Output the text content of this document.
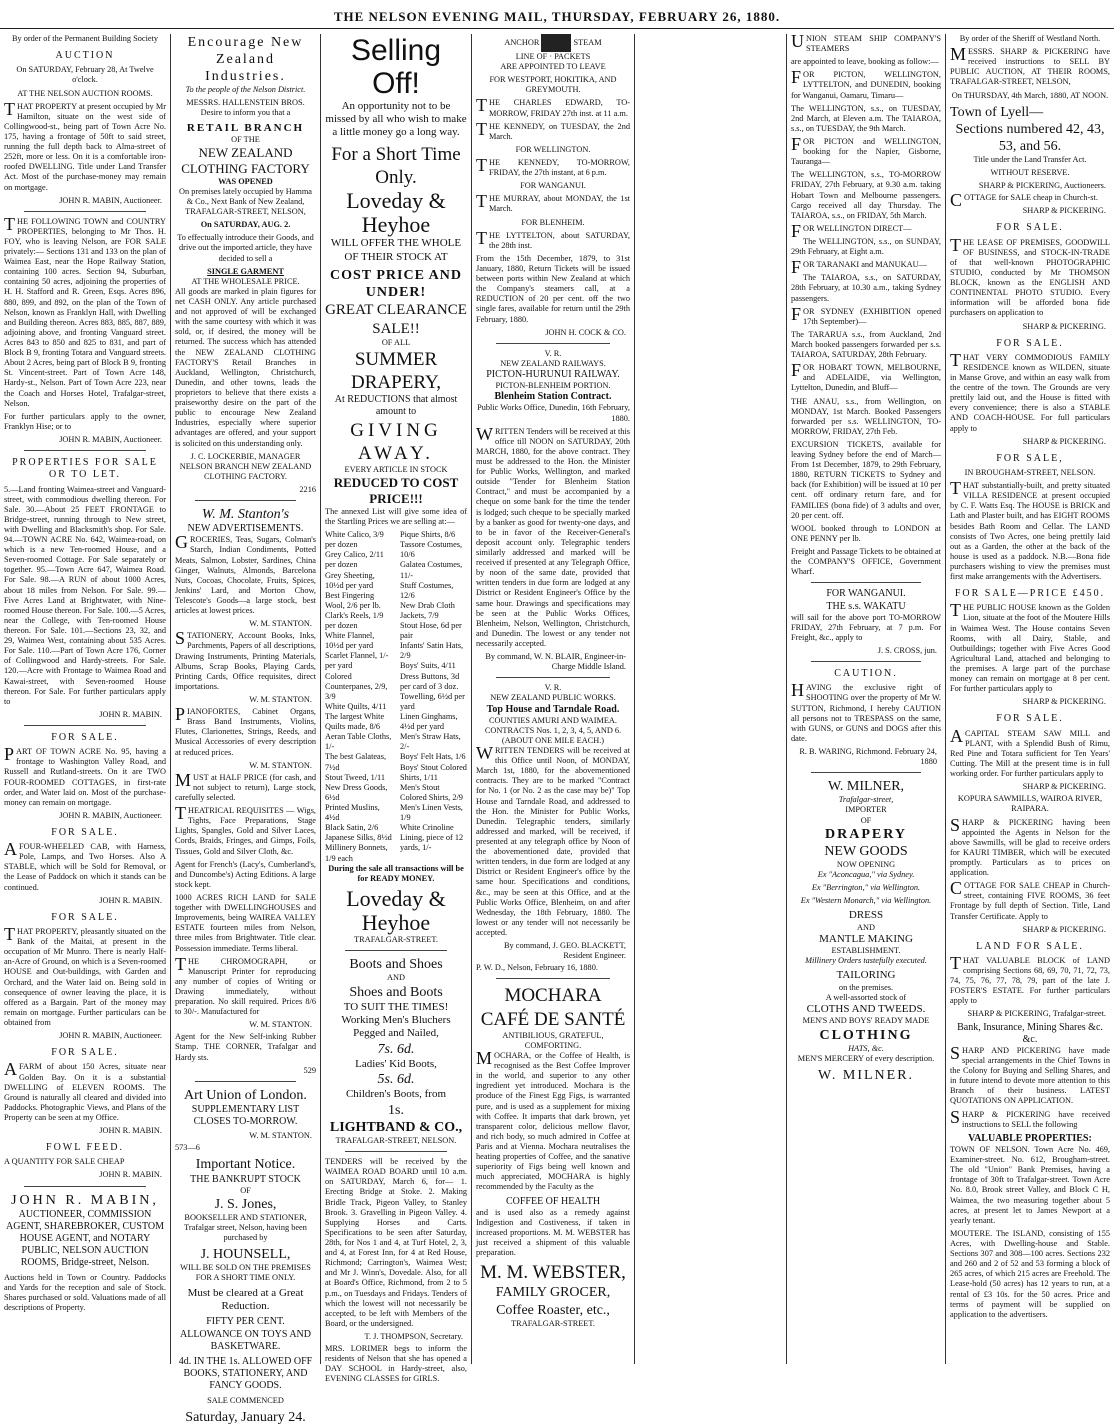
THE NELSON EVENING MAIL, THURSDAY, FEBRUARY 26, 1880.

By order of the Permanent Building Society

AUCTION

On SATURDAY, February 28, At Twelve o'clock.

AT THE NELSON AUCTION ROOMS.

THAT PROPERTY at present occupied by Mr Hamilton, situate on the west side of Collingwood-st., being part of Town Acre No. 175, having a frontage of 50ft to said street, running the full depth back to Alma-street of 252ft, more or less. On it is a comfortable iron-roofed DWELLING. Title under Land Transfer Act. Most of the purchase-money may remain on mortgage.

JOHN R. MABIN, Auctioneer.

THE FOLLOWING TOWN and COUNTRY PROPERTIES, belonging to Mr Thos. H. FOY, who is leaving Nelson, are FOR SALE privately:— Sections 131 and 133 on the plan of Waimea East, near the Hope Railway Station, containing 100 acres. Section 94, Suburban, containing 50 acres, adjoining the properties of H. H. Stafford and R. Green, Esqs. Acres 896, 880, 899, and 892, on the plan of the Town of Nelson, known as Franklyn Hall, with Dwelling and Building thereon. Acres 883, 885, 887, 889, adjoining above, and fronting Vanguard street. Acres 843 to 850 and 825 to 831, and part of Block B 9, fronting Totara and Vanguard streets. About 2 Acres, being part of Block B 9, fronting St. Vincent-street. Part of Town Acre 148, Hardy-st., Nelson. Part of Town Acre 223, near the Coach and Horses Hotel, Trafalgar-street, Nelson.

For further particulars apply to the owner, Franklyn Hise; or to

JOHN R. MABIN, Auctioneer.

PROPERTIES FOR SALE OR TO LET.

5.—Land fronting Waimea-street and Vanguard-street, with commodious dwelling thereon. For Sale. 30.—About 25 FEET FRONTAGE to Bridge-street, running through to New street, with Dwelling and Blacksmith's shop. For Sale. 94.—TOWN ACRE No. 642, Waimea-road, on which is a new Ten-roomed House, and a Seven-roomed Cottage. For Sale separately or together. 95.—Town Acre 647, Waimea Road. For Sale. 98.—A RUN of about 1000 Acres, about 18 miles from Nelson. For Sale. 99.—Five Acres Land at Brightwater, with Nine-roomed House thereon. For Sale. 100.—5 Acres, near the College, with Ten-roomed House thereon. For Sale. 101.—Sections 23, 32, and 29, Waimea West, containing about 535 Acres. For Sale. 110.—Part of Town Acre 176, Corner of Collingwood and Hardy-streets. For Sale. 120.—Acre with Frontage to Waimea Road and Kawai-street, with Seven-roomed House thereon. For Sale. For further particulars apply to

JOHN R. MABIN.

FOR SALE.

PART OF TOWN ACRE No. 95, having a frontage to Washington Valley Road, and Russell and Rutland-streets. On it are TWO FOUR-ROOMED COTTAGES, in first-rate order, and Water laid on. Most of the purchase-money can remain on mortgage.

JOHN R. MABIN, Auctioneer.

FOR SALE.

AFOUR-WHEELED CAB, with Harness, Pole, Lamps, and Two Horses. Also A STABLE, which will be Sold for Removal, or the Lease of Paddock on which it stands can be continued.

JOHN R. MABIN.

FOR SALE.

THAT PROPERTY, pleasantly situated on the Bank of the Maitai, at present in the occupation of Mr Munro. There is nearly Half-an-Acre of Ground, on which is a Seven-roomed HOUSE and Out-buildings, with Garden and Orchard, and the Water laid on. Being sold in consequence of owner leaving the place, it is offered as a Bargain. Part of the money may remain on mortgage. Further particulars can be obtained from

JOHN R. MABIN, Auctioneer.

FOR SALE.

AFARM of about 150 Acres, situate near Golden Bay. On it is a substantial DWELLING of ELEVEN ROOMS. The Ground is naturally all cleared and divided into Paddocks. Photographic Views, and Plans of the Property can be seen at my Office.

JOHN R. MABIN.

FOWL FEED.

A QUANTITY FOR SALE CHEAP

JOHN R. MABIN.

JOHN R. MABIN,

AUCTIONEER, COMMISSION AGENT, SHAREBROKER, CUSTOM HOUSE AGENT, and NOTARY PUBLIC, NELSON AUCTION ROOMS, Bridge-street, Nelson.

Auctions held in Town or Country. Paddocks and Yards for the reception and sale of Stock. Shares purchased or sold. Valuations made of all descriptions of Property.

Encourage New Zealand Industries.

To the people of the Nelson District.

MESSRS. HALLENSTEIN BROS. Desire to inform you that a

RETAIL BRANCH
OF THE
NEW ZEALAND CLOTHING FACTORY
WAS OPENED

On premises lately occupied by Hamma & Co., Next Bank of New Zealand, TRAFALGAR-STREET, NELSON,

On SATURDAY, AUG. 2.

To effectually introduce their Goods, and drive out the imported article, they have decided to sell a

SINGLE GARMENT
AT THE WHOLESALE PRICE.

All goods are marked in plain figures for net CASH ONLY. Any article purchased and not approved of will be exchanged with the same courtesy with which it was sold, or, if desired, the money will be returned. The success which has attended the NEW ZEALAND CLOTHING FACTORY'S Retail Branches in Auckland, Wellington, Christchurch, Dunedin, and other towns, leads the proprietors to believe that there exists a praiseworthy desire on the part of the public to encourage New Zealand Industries, especially where superior advantages are offered, and your support is solicited on this understanding only.

J. C. LOCKERBIE, MANAGER NELSON BRANCH NEW ZEALAND CLOTHING FACTORY.

2216

W. M. Stanton's
NEW ADVERTISEMENTS.

GROCERIES, Teas, Sugars, Colman's Starch, Indian Condiments, Potted Meats, Salmon, Lobster, Sardines, China Ginger, Walnuts, Almonds, Barcelona Nuts, Cocoas, Chocolate, Fruits, Spices, Jenkins' Lard, and Morton Chow, Telescote's Goods—a large stock, best articles at lowest prices.

W. M. STANTON.

STATIONERY, Account Books, Inks, Parchments, Papers of all descriptions, Drawing Instruments, Printing Materials, Albums, Scrap Books, Playing Cards, Printing Cards, Office requisites, direct importations.

W. M. STANTON.

PIANOFORTES, Cabinet Organs, Brass Band Instruments, Violins, Flutes, Clarionettes, Strings, Reeds, and Musical Accessories of every description at reduced prices.

W. M. STANTON.

MUST at HALF PRICE (for cash, and not subject to return), Large stock, carefully selected.

THEATRICAL REQUISITES — Wigs, Tights, Face Preparations, Stage Lights, Spangles, Gold and Silver Laces, Cords, Braids, Fringes, and Gimps, Foils, Tissues, Gold and Silver Cloth, &c.

Agent for French's (Lacy's, Cumberland's, and Duncombe's) Acting Editions. A large stock kept.

1000 ACRES RICH LAND for SALE together with DWELLINGHOUSES and Improvements, being WAIREA VALLEY ESTATE fourteen miles from Nelson, three miles from Brightwater. Title clear. Possession immediate. Terms liberal.

THE CHROMOGRAPH, or Manuscript Printer for reproducing any number of copies of Writing or Drawing immediately, without preparation. No skill required. Prices 8/6 to 30/-. Manufactured for

W. M. STANTON.

Agent for the New Self-inking Rubber Stamp. THE CORNER, Trafalgar and Hardy sts.

529

Art Union of London.

SUPPLEMENTARY LIST CLOSES TO-MORROW.

W. M. STANTON.

573—6

Important Notice.
THE BANKRUPT STOCK
OF
J. S. Jones,

BOOKSELLER AND STATIONER, Trafalgar street, Nelson, having been purchased by

J. HOUNSELL,

WILL BE SOLD ON THE PREMISES FOR A SHORT TIME ONLY.

Must be cleared at a Great Reduction.

FIFTY PER CENT. ALLOWANCE ON TOYS AND BASKETWARE.

4d. IN THE 1s. ALLOWED OFF BOOKS, STATIONERY, AND FANCY GOODS.

SALE COMMENCED

Saturday, January 24.
Selling Off!

An opportunity not to be missed by all who wish to make a little money go a long way.

For a Short Time Only.
Loveday & Heyhoe

WILL OFFER THE WHOLE OF THEIR STOCK AT

COST PRICE AND UNDER!
GREAT CLEARANCE SALE!!
OF ALL
SUMMER DRAPERY,
At REDUCTIONS that almost amount to
GIVING AWAY.
EVERY ARTICLE IN STOCK
REDUCED TO COST PRICE!!!

The annexed List will give some idea of the Startling Prices we are selling at:—

White Calico, 3/9 per dozen
Grey Calico, 2/11 per dozen
Grey Sheeting, 10½d per yard
Best Fingering Wool, 2/6 per lb.
Clark's Reels, 1/9 per dozen
White Flannel, 10½d per yard
Scarlet Flannel, 1/- per yard
Colored Counterpanes, 2/9, 3/9
White Quilts, 4/11
The largest White Quilts made, 8/6
Aeran Table Cloths, 1/-
The best Galateas, 7½d
Stout Tweed, 1/11
New Dress Goods, 6½d
Printed Muslins, 4½d
Black Satin, 2/6
Japanese Silks, 8½d
Millinery Bonnets, 1/9 each
Pique Shirts, 8/6
Tassore Costumes, 10/6
Galatea Costumes, 11/-
Stuff Costumes, 12/6
New Drab Cloth Jackets, 7/9
Stout Hose, 6d per pair
Infants' Satin Hats, 2/9
Boys' Suits, 4/11
Dress Buttons, 3d per card of 3 doz.
Towelling, 6½d per yard
Linen Ginghams, 4½d per yard
Men's Straw Hats, 2/-
Boys' Felt Hats, 1/6
Boys' Stout Colored Shirts, 1/11
Men's Stout Colored Shirts, 2/9
Men's Linen Vests, 1/9
White Crinoline Lining, piece of 12 yards, 1/-

During the sale all transactions will be for READY MONEY.

Loveday & Heyhoe
TRAFALGAR-STREET.
Boots and Shoes
AND
Shoes and Boots
TO SUIT THE TIMES!
Working Men's Bluchers Pegged and Nailed,
7s. 6d.
Ladies' Kid Boots,
5s. 6d.
Children's Boots, from
1s.
LIGHTBAND & CO.,
TRAFALGAR-STREET, NELSON.

TENDERS will be received by the WAIMEA ROAD BOARD until 10 a.m. on SATURDAY, March 6, for— 1. Erecting Bridge at Stoke. 2. Making Bridle Track, Pigeon Valley, to Stanley Brook. 3. Gravelling in Pigeon Valley. 4. Supplying Horses and Carts. Specifications to be seen after Saturday, 28th, for Nos 1 and 4, at Turf Hotel, 2, 3, and 4, at Forest Inn, for 4 at Red House, Richmond; Carrington's, Waimea West; and Mr J. Winn's, Dovedale. Also, for all at Board's Office, Richmond, from 2 to 5 p.m., on Tuesdays and Fridays. Tenders of which the lowest will not necessarily be accepted, to be left with Members of the Board, or the undersigned.

T. J. THOMPSON, Secretary.

MRS. LORIMER begs to inform the residents of Nelson that she has opened a DAY SCHOOL in Hardy-street, also, EVENING CLASSES for GIRLS.

ANCHOR	STEAM
LINE OF · PACKETS

ARE APPOINTED TO LEAVE

FOR WESTPORT, HOKITIKA, AND GREYMOUTH.

THE CHARLES EDWARD, TO-MORROW, FRIDAY 27th inst. at 11 a.m.

THE KENNEDY, on TUESDAY, the 2nd March.

FOR WELLINGTON.

THE KENNEDY, TO-MORROW, FRIDAY, the 27th instant, at 6 p.m.

FOR WANGANUI.

THE MURRAY, about MONDAY, the 1st March.

FOR BLENHEIM.

THE LYTTELTON, about SATURDAY, the 28th inst.

From the 15th December, 1879, to 31st January, 1880, Return Tickets will be issued between ports within New Zealand at which the Company's steamers call, at a REDUCTION of 20 per cent. off the two single fares, available for return until the 29th February, 1880.

JOHN H. COCK & CO.

V. R.
NEW ZEALAND RAILWAYS.
PICTON-HURUNUI RAILWAY.
PICTON-BLENHEIM PORTION.
Blenheim Station Contract.

Public Works Office, Dunedin, 16th February, 1880.

WRITTEN Tenders will be received at this office till NOON on SATURDAY, 20th MARCH, 1880, for the above contract. They must be addressed to the Hon. the Minister for Public Works, Wellington, and marked outside "Tender for Blenheim Station Contract," and must be accompanied by a cheque on some bank for the time the tender is lodged; such cheque to be specially marked by a banker as good for twenty-one days, and to be in favor of the Receiver-General's deposit account only. Telegraphic tenders similarly addressed and marked will be received if presented at any Telegraph Office, by noon of the same date, provided that written tenders in due form are lodged at any District or Resident Engineer's Office by the same hour. Drawings and specifications may be seen at the Public Works Offices, Blenheim, Nelson, Wellington, Christchurch, and Dunedin. The lowest or any tender not necessarily accepted.

By command, W. N. BLAIR, Engineer-in-Charge Middle Island.

V. R.
NEW ZEALAND PUBLIC WORKS.
Top House and Tarndale Road.
COUNTIES AMURI AND WAIMEA.
CONTRACTS Nos. 1, 2, 3, 4, 5, AND 6. (ABOUT ONE MILE EACH.)

WRITTEN TENDERS will be received at this Office until Noon, of MONDAY, March 1st, 1880, for the abovementioned contracts. They are to be marked "Contract for No. 1 (or No. 2 as the case may be)" Top House and Tarndale Road, and addressed to the Hon. the Minister for Public Works, Dunedin. Telegraphic tenders, similarly addressed and marked, will be received, if presented at any telegraph office by Noon of the abovementioned date, provided that written tenders, in due form are lodged at any District or Resident Engineer's office by the same hour. Specifications and conditions, &c., may be seen at this Office, and at the Public Works Office, Blenheim, on and after Wednesday, the 18th February, 1880. The lowest or any tender will not necessarily be accepted.

By command, J. GEO. BLACKETT, Resident Engineer.

P. W. D., Nelson, February 16, 1880.

MOCHARA
CAFÉ DE SANTÉ
ANTIBILIOUS, GRATEFUL, COMFORTING.

MOCHARA, or the Coffee of Health, is recognised as the Best Coffee Improver in the world, and superior to any other ingredient yet introduced. Mochara is the produce of the Finest Egg Figs, is warranted pure, and is used as a supplement for mixing with Coffee. It imparts that dark brown, yet transparent color, delicious mellow flavor, and rich body, so much admired in Coffee at Paris and at Vienna. Mochara neutralises the heating properties of Coffee, and the sanative superiority of Figs being well known and much appreciated, MOCHARA is highly recommended by the Faculty as the

COFFEE OF HEALTH

and is used also as a remedy against Indigestion and Costiveness, if taken in increased proportions. M. M. WEBSTER has just received a shipment of this valuable preparation.

M. M. WEBSTER,
FAMILY GROCER,
Coffee Roaster, etc.,
TRAFALGAR-STREET.

UNION STEAM SHIP COMPANY'S STEAMERS

are appointed to leave, booking as follow:—

FOR PICTON, WELLINGTON, LYTTELTON, and DUNEDIN, booking for Wanganui, Oamaru, Timaru—

The WELLINGTON, s.s., on TUESDAY, 2nd March, at Eleven a.m. The TAIAROA, s.s., on TUESDAY, the 9th March.

FOR PICTON and WELLINGTON, booking for the Napier, Gisborne, Tauranga—

The WELLINGTON, s.s., TO-MORROW FRIDAY, 27th February, at 9.30 a.m. taking Hobart Town and Melbourne passengers. Cargo received all day Thursday. The TAIAROA, s.s., on FRIDAY, 5th March.

FOR WELLINGTON DIRECT—

The WELLINGTON, s.s., on SUNDAY, 29th February, at Eight a.m.

FOR TARANAKI and MANUKAU—

The TAIAROA, s.s., on SATURDAY, 28th February, at 10.30 a.m., taking Sydney passengers.

FOR SYDNEY (EXHIBITION opened 17th September)—

The TARARUA s.s., from Auckland, 2nd March booked passengers forwarded per s.s. TAIAROA, SATURDAY, 28th February.

FOR HOBART TOWN, MELBOURNE, and ADELAIDE, via Wellington, Lyttelton, Dunedin, and Bluff—

THE ANAU, s.s., from Wellington, on MONDAY, 1st March. Booked Passengers forwarded per s.s. WELLINGTON, TO-MORROW, FRIDAY, 27th Feb.

EXCURSION TICKETS, available for leaving Sydney before the end of March—From 1st December, 1879, to 29th February, 1880, RETURN TICKETS to Sydney and back (for Exhibition) will be issued at 10 per cent. off ordinary return fare, and for FAMILIES (bona fide) of 3 adults and over, 20 per cent. off.

WOOL booked through to LONDON at ONE PENNY per lb.

Freight and Passage Tickets to be obtained at the COMPANY'S OFFICE, Government Wharf.

FOR WANGANUI.
THE s.s. WAKATU

will sail for the above port TO-MORROW FRIDAY, 27th February, at 7 p.m. For Freight, &c., apply to

J. S. CROSS, jun.

CAUTION.

HAVING the exclusive right of SHOOTING over the property of Mr W. SUTTON, Richmond, I hereby CAUTION all persons not to TRESPASS on the same, with GUNS, or GUNS and DOGS after this date.

R. B. WARING, Richmond. February 24, 1880

W. MILNER,
Trafalgar-street,
IMPORTER
OF
DRAPERY
NEW GOODS
NOW OPENING

Ex "Aconcagua," via Sydney.

Ex "Berrington," via Wellington.

Ex "Western Monarch," via Wellington.

DRESS
AND
MANTLE MAKING
ESTABLISHMENT.

Millinery Orders tastefully executed.

TAILORING
on the premises.
A well-assorted stock of
CLOTHS AND TWEEDS.
MEN'S AND BOYS' READY MADE
CLOTHING
HATS, &c.

MEN'S MERCERY of every description.

W. MILNER.

By order of the Sheriff of Westland North.

MESSRS. SHARP & PICKERING have received instructions to SELL BY PUBLIC AUCTION, AT THEIR ROOMS, TRAFALGAR-STREET, NELSON,

On THURSDAY, 4th March, 1880, AT NOON.

Town of Lyell—
Sections numbered 42, 43, 53, and 56.

Title under the Land Transfer Act.

WITHOUT RESERVE.

SHARP & PICKERING, Auctioneers.

COTTAGE for SALE cheap in Church-st.

SHARP & PICKERING.

FOR SALE.

THE LEASE OF PREMISES, GOODWILL OF BUSINESS, and STOCK-IN-TRADE of that well-known PHOTOGRAPHIC STUDIO, conducted by Mr THOMSON BLOCK, known as the ENGLISH AND CONTINENTAL PHOTO STUDIO. Every information will be afforded bona fide purchasers on application to

SHARP & PICKERING.

FOR SALE.

THAT VERY COMMODIOUS FAMILY RESIDENCE known as WILDEN, situate in Manse Grove, and within an easy walk from the centre of the town. The Grounds are very prettily laid out, and the House is fitted with every convenience; there is also a STABLE AND COACH-HOUSE. For full particulars apply to

SHARP & PICKERING.

FOR SALE,

IN BROUGHAM-STREET, NELSON.

THAT substantially-built, and pretty situated VILLA RESIDENCE at present occupied by C. F. Watts Esq. The HOUSE is BRICK and Lath and Plaster built, and has EIGHT ROOMS besides Bath Room and Cellar. The LAND consists of Two Acres, one being prettily laid out as a Garden, the other at the back of the house is used as a paddock. N.B.—Bona fide purchasers wishing to view the premises must first make arrangements with the Advertisers.

FOR SALE—PRICE £450.

THE PUBLIC HOUSE known as the Golden Lion, situate at the foot of the Moutere Hills in Waimea West. The House contains Seven Rooms, with all Dairy, Stable, and Outbuildings; together with Five Acres Good Agricultural Land, attached and belonging to the premises. A large part of the purchase money can remain on mortgage at 8 per cent. For further particulars apply to

SHARP & PICKERING.

FOR SALE.

ACAPITAL STEAM SAW MILL and PLANT, with a Splendid Bush of Rimu, Red Pine and Totara sufficient for Ten Years' Cutting. The Mill at the present time is in full working order. For further particulars apply to

SHARP & PICKERING.

KOPURA SAWMILLS, WAIROA RIVER, RAIPARA.

SHARP & PICKERING having been appointed the Agents in Nelson for the above Sawmills, will be glad to receive orders for KAURI TIMBER, which will be executed promptly. Particulars as to prices on application.

COTTAGE FOR SALE CHEAP in Church-street, containing FIVE ROOMS, 36 feet Frontage by full depth of Section. Title, Land Transfer Certificate. Apply to

SHARP & PICKERING.

LAND FOR SALE.

THAT VALUABLE BLOCK of LAND comprising Sections 68, 69, 70, 71, 72, 73, 74, 75, 76, 77, 78, 79, part of the late J. FOSTER'S ESTATE. For further particulars apply to

SHARP & PICKERING, Trafalgar-street.

Bank, Insurance, Mining Shares &c. &c.

SHARP AND PICKERING have made special arrangements in the Chief Towns in the Colony for Buying and Selling Shares, and in future intend to devote more attention to this Branch of their business. LATEST QUOTATIONS ON APPLICATION.

SHARP & PICKERING have received instructions to SELL the following

VALUABLE PROPERTIES:

TOWN OF NELSON. Town Acre No. 469, Examiner-street. No. 612, Brougham-street. The old "Union" Bank Premises, having a frontage of 30ft to Trafalgar-street. Town Acre No. 8.0, Brook street Valley, and Block C H, Waimea, the two measuring together about 5 acres, at present let to James Newport at a yearly tenant.

MOUTERE. The ISLAND, consisting of 155 Acres, with Dwelling-house and Stable. Sections 307 and 308—100 acres. Sections 232 and 260 and 2 of 52 and 53 forming a block of 265 acres, of which 215 acres are Freehold. The Lease-hold (50 acres) has 12 years to run, at a rental of £3 10s. for the 50 acres. Price and terms of payment will be supplied on application to the advertisers.
